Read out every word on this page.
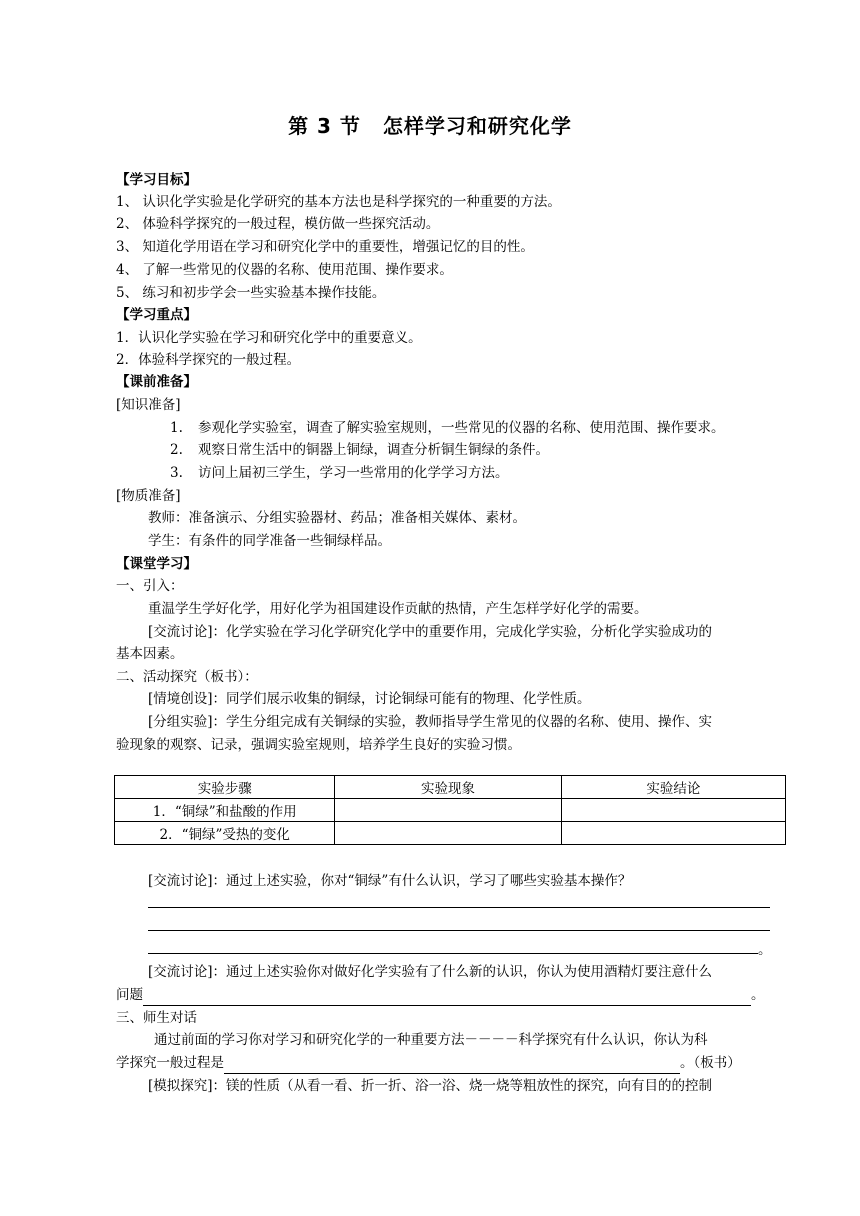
第 3 节 怎样学习和研究化学
【学习目标】
1、 认识化学实验是化学研究的基本方法也是科学探究的一种重要的方法。
2、 体验科学探究的一般过程，模仿做一些探究活动。
3、 知道化学用语在学习和研究化学中的重要性，增强记忆的目的性。
4、 了解一些常见的仪器的名称、使用范围、操作要求。
5、 练习和初步学会一些实验基本操作技能。
【学习重点】
1．认识化学实验在学习和研究化学中的重要意义。
2．体验科学探究的一般过程。
【课前准备】
[知识准备]
1. 参观化学实验室，调查了解实验室规则，一些常见的仪器的名称、使用范围、操作要求。
2. 观察日常生活中的铜器上铜绿，调查分析铜生铜绿的条件。
3. 访问上届初三学生，学习一些常用的化学学习方法。
[物质准备]
教师：准备演示、分组实验器材、药品；准备相关媒体、素材。
学生：有条件的同学准备一些铜绿样品。
【课堂学习】
一、引入：
重温学生学好化学，用好化学为祖国建设作贡献的热情，产生怎样学好化学的需要。
[交流讨论]：化学实验在学习化学研究化学中的重要作用，完成化学实验，分析化学实验成功的
基本因素。
二、活动探究（板书）：
[情境创设]：同学们展示收集的铜绿，讨论铜绿可能有的物理、化学性质。
[分组实验]：学生分组完成有关铜绿的实验，教师指导学生常见的仪器的名称、使用、操作、实
验现象的观察、记录，强调实验室规则，培养学生良好的实验习惯。
实验步骤	实验现象	实验结论
1．“铜绿”和盐酸的作用		
2．“铜绿”受热的变化		
[交流讨论]：通过上述实验，你对“铜绿”有什么认识，学习了哪些实验基本操作？
。
[交流讨论]：通过上述实验你对做好化学实验有了什么新的认识，你认为使用酒精灯要注意什么
问题	。
三、师生对话
通过前面的学习你对学习和研究化学的一种重要方法－－－－科学探究有什么认识，你认为科
学探究一般过程是	。（板书）
[模拟探究]：镁的性质（从看一看、折一折、浴一浴、烧一烧等粗放性的探究，向有目的的控制
